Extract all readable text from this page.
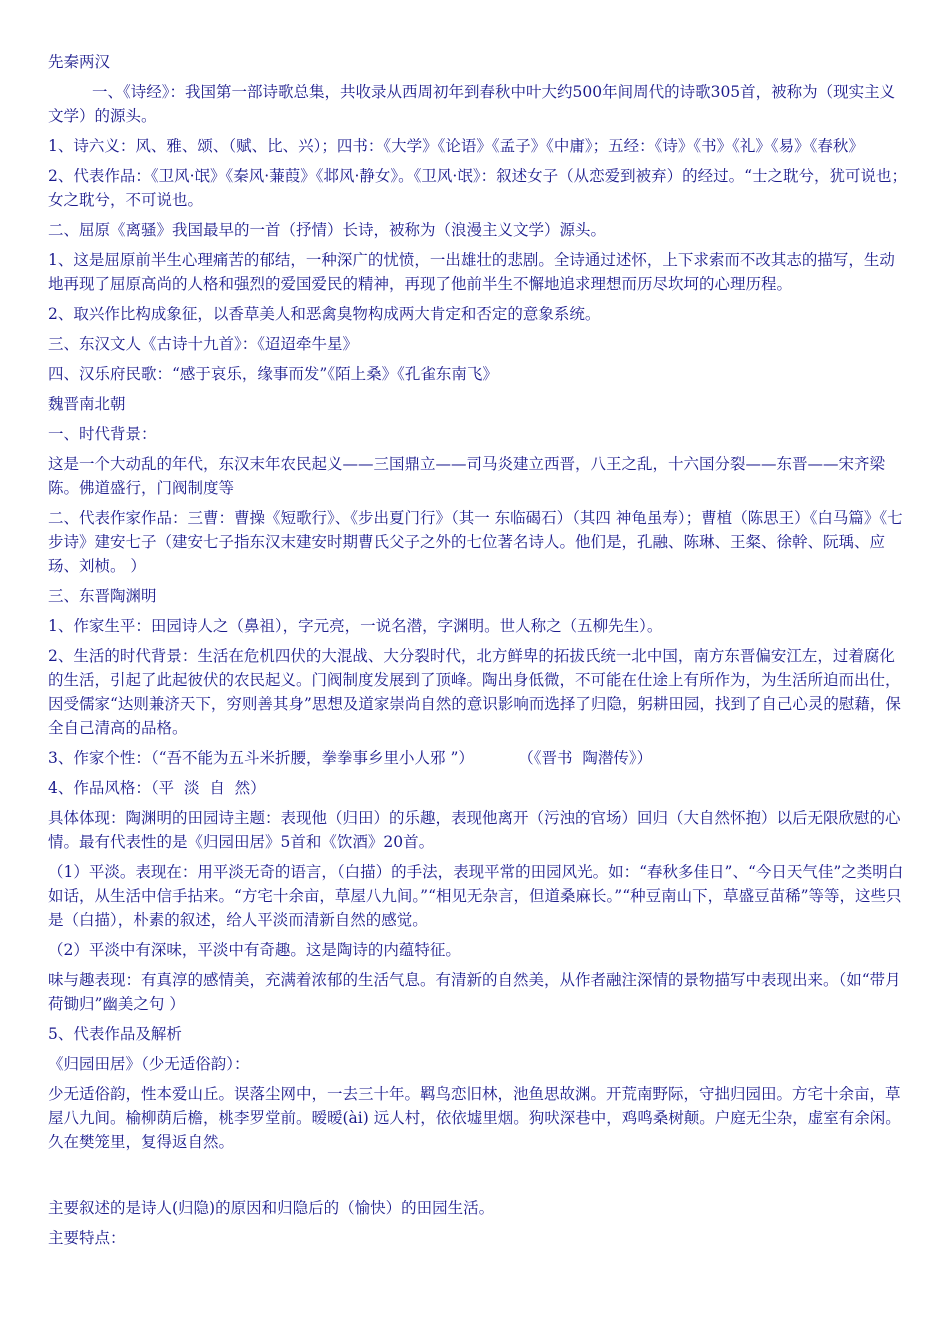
先秦两汉

一、《诗经》：我国第一部诗歌总集，共收录从西周初年到春秋中叶大约500年间周代的诗歌305首，被称为（现实主义文学）的源头。

1、诗六义：风、雅、颂、（赋、比、兴）；四书：《大学》《论语》《孟子》《中庸》；五经：《诗》《书》《礼》《易》《春秋》

2、代表作品：《卫风·氓》《秦风·蒹葭》《邶风·静女》。《卫风·氓》：叙述女子（从恋爱到被弃）的经过。“士之耽兮，犹可说也；女之耽兮，不可说也。

二、屈原《离骚》我国最早的一首（抒情）长诗，被称为（浪漫主义文学）源头。

1、这是屈原前半生心理痛苦的郁结，一种深广的忧愤，一出雄壮的悲剧。全诗通过述怀，上下求索而不改其志的描写，生动地再现了屈原高尚的人格和强烈的爱国爱民的精神，再现了他前半生不懈地追求理想而历尽坎坷的心理历程。

2、取兴作比构成象征，以香草美人和恶禽臭物构成两大肯定和否定的意象系统。

三、东汉文人《古诗十九首》：《迢迢牵牛星》

四、汉乐府民歌：“感于哀乐，缘事而发”《陌上桑》《孔雀东南飞》

魏晋南北朝

一、时代背景：

这是一个大动乱的年代，东汉末年农民起义——三国鼎立——司马炎建立西晋，八王之乱，十六国分裂——东晋——宋齐梁陈。佛道盛行，门阀制度等

二、代表作家作品：三曹：曹操《短歌行》、《步出夏门行》（其一 东临碣石）（其四 神龟虽寿）；曹植（陈思王）《白马篇》《七步诗》建安七子（建安七子指东汉末建安时期曹氏父子之外的七位著名诗人。他们是，孔融、陈琳、王粲、徐幹、阮瑀、应玚、刘桢。 ）

三、东晋陶渊明

1、作家生平：田园诗人之（鼻祖），字元亮，一说名潜，字渊明。世人称之（五柳先生）。

2、生活的时代背景：生活在危机四伏的大混战、大分裂时代，北方鲜卑的拓拔氏统一北中国，南方东晋偏安江左，过着腐化的生活，引起了此起彼伏的农民起义。门阀制度发展到了顶峰。陶出身低微，不可能在仕途上有所作为，为生活所迫而出仕，因受儒家“达则兼济天下，穷则善其身”思想及道家崇尚自然的意识影响而选择了归隐，躬耕田园，找到了自己心灵的慰藉，保全自己清高的品格。

3、作家个性：（“吾不能为五斗米折腰，拳拳事乡里小人邪 ”）         （《晋书  陶潜传》）

4、作品风格：（平  淡  自  然）

具体体现：陶渊明的田园诗主题：表现他（归田）的乐趣，表现他离开（污浊的官场）回归（大自然怀抱）以后无限欣慰的心情。最有代表性的是《归园田居》5首和《饮酒》20首。

（1）平淡。表现在：用平淡无奇的语言，（白描）的手法，表现平常的田园风光。如：“春秋多佳日”、“今日天气佳”之类明白如话，从生活中信手拈来。“方宅十余亩，草屋八九间。”“相见无杂言，但道桑麻长。”“种豆南山下，草盛豆苗稀”等等，这些只是（白描），朴素的叙述，给人平淡而清新自然的感觉。

（2）平淡中有深味，平淡中有奇趣。这是陶诗的内蕴特征。

味与趣表现：有真淳的感情美，充满着浓郁的生活气息。有清新的自然美，从作者融注深情的景物描写中表现出来。（如“带月荷锄归”幽美之句 ）

5、代表作品及解析

《归园田居》（少无适俗韵）：

少无适俗韵，性本爱山丘。误落尘网中，一去三十年。羁鸟恋旧林，池鱼思故渊。开荒南野际，守拙归园田。方宅十余亩，草屋八九间。榆柳荫后檐，桃李罗堂前。暧暧(ài) 远人村，依依墟里烟。狗吠深巷中，鸡鸣桑树颠。户庭无尘杂，虚室有余闲。久在樊笼里，复得返自然。

主要叙述的是诗人(归隐)的原因和归隐后的（愉快）的田园生活。

主要特点：
